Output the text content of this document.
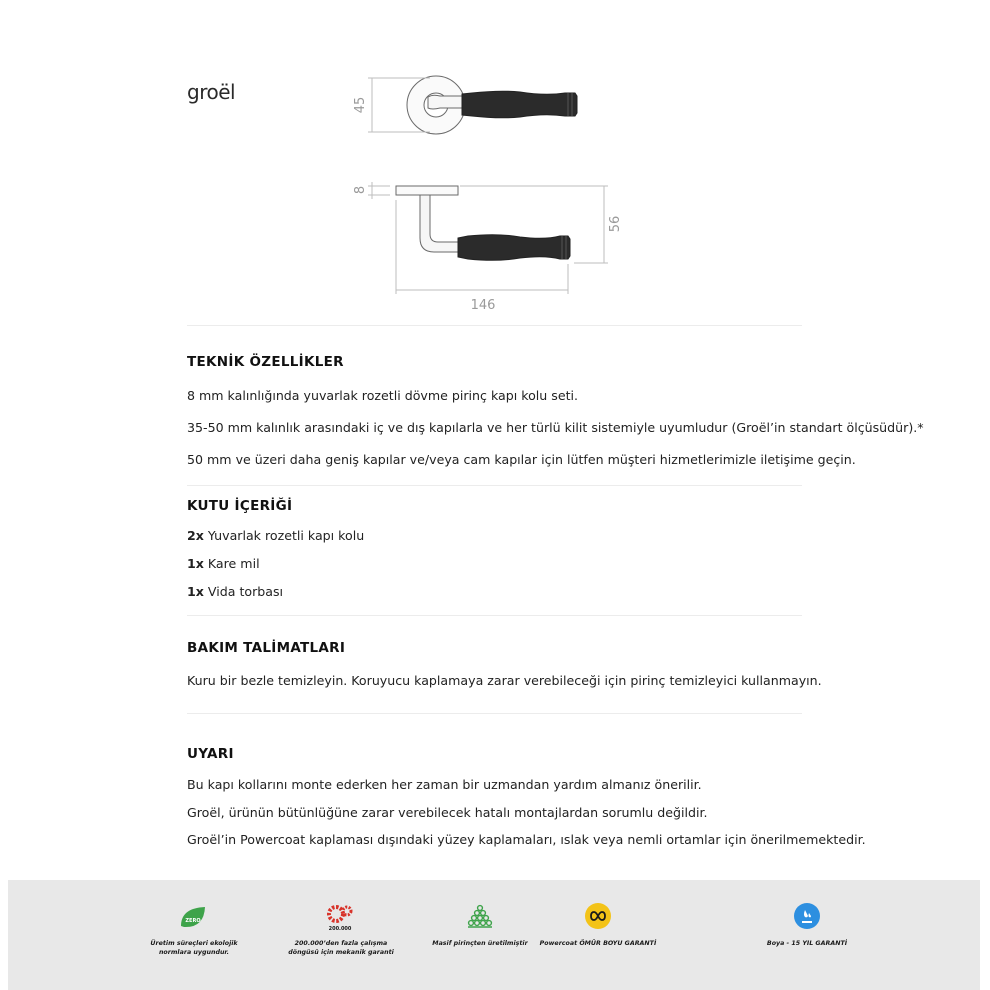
groël
45
8
56
146
TEKNİK ÖZELLİKLER

8 mm kalınlığında yuvarlak rozetli dövme pirinç kapı kolu seti.

35-50 mm kalınlık arasındaki iç ve dış kapılarla ve her türlü kilit sistemiyle uyumludur (Groël’in standart ölçüsüdür).*

50 mm ve üzeri daha geniş kapılar ve/veya cam kapılar için lütfen müşteri hizmetlerimizle iletişime geçin.

KUTU İÇERİĞİ

2x Yuvarlak rozetli kapı kolu

1x Kare mil

1x Vida torbası

BAKIM TALİMATLARI

Kuru bir bezle temizleyin. Koruyucu kaplamaya zarar verebileceği için pirinç temizleyici kullanmayın.

UYARI

Bu kapı kollarını monte ederken her zaman bir uzmandan yardım almanız önerilir.

Groël, ürünün bütünlüğüne zarar verebilecek hatalı montajlardan sorumlu değildir.

Groël’in Powercoat kaplaması dışındaki yüzey kaplamaları, ıslak veya nemli ortamlar için önerilmemektedir.

ZERO
Üretim süreçleri ekolojik normlara uygundur.
200.000
200.000’den fazla çalışma döngüsü için mekanik garanti
Masif pirinçten üretilmiştir	Powercoat ÖMÜR BOYU GARANTİ	Boya - 15 YIL GARANTİ
